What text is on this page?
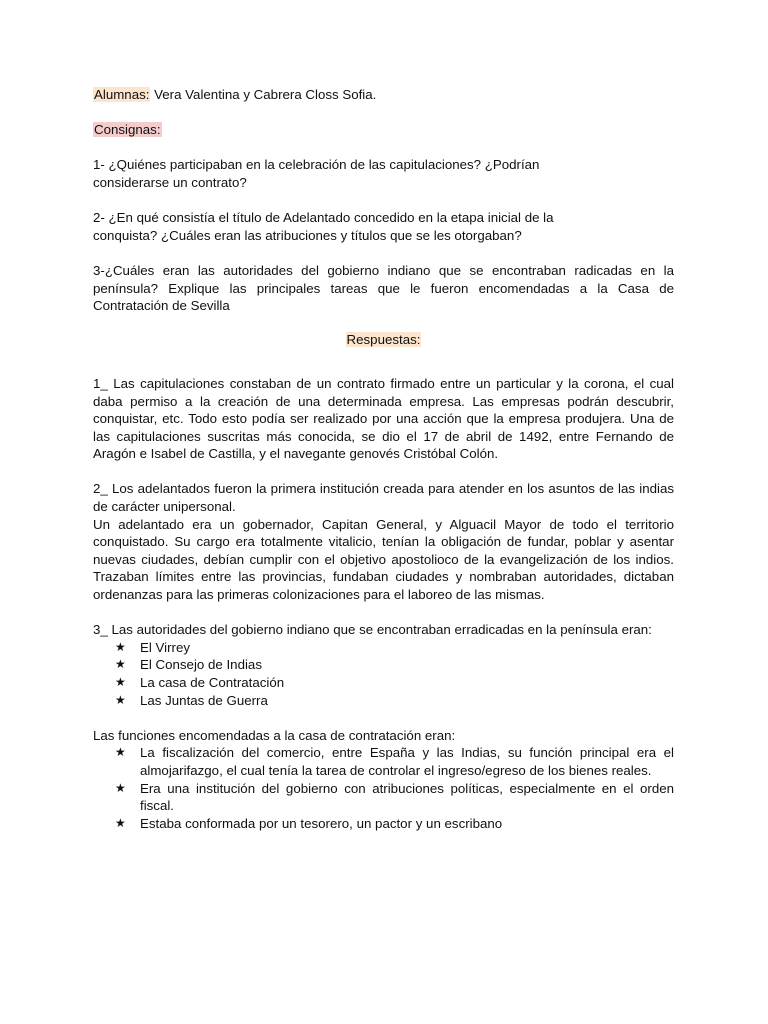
Alumnas: Vera Valentina y Cabrera Closs Sofia.

Consignas:

1- ¿Quiénes participaban en la celebración de las capitulaciones? ¿Podrían considerarse un contrato?

2- ¿En qué consistía el título de Adelantado concedido en la etapa inicial de la conquista? ¿Cuáles eran las atribuciones y títulos que se les otorgaban?

3-¿Cuáles eran las autoridades del gobierno indiano que se encontraban radicadas en la península? Explique las principales tareas que le fueron encomendadas a la Casa de Contratación de Sevilla

Respuestas:

1_ Las capitulaciones constaban de un contrato firmado entre un particular y la corona, el cual daba permiso a la creación de una determinada empresa. Las empresas podrán descubrir, conquistar, etc. Todo esto podía ser realizado por una acción que la empresa produjera. Una de las capitulaciones suscritas más conocida, se dio el 17 de abril de 1492, entre Fernando de Aragón e Isabel de Castilla, y el navegante genovés Cristóbal Colón.

2_ Los adelantados fueron la primera institución creada para atender en los asuntos de las indias de carácter unipersonal.

Un adelantado era un gobernador, Capitan General, y Alguacil Mayor de todo el territorio conquistado. Su cargo era totalmente vitalicio, tenían la obligación de fundar, poblar y asentar nuevas ciudades, debían cumplir con el objetivo apostolioco de la evangelización de los indios. Trazaban límites entre las provincias, fundaban ciudades y nombraban autoridades, dictaban ordenanzas para las primeras colonizaciones para el laboreo de las mismas.

3_ Las autoridades del gobierno indiano que se encontraban erradicadas en la península eran:

★ El Virrey
★ El Consejo de Indias
★ La casa de Contratación
★ Las Juntas de Guerra

Las funciones encomendadas a la casa de contratación eran:

★ La fiscalización del comercio, entre España y las Indias, su función principal era el almojarifazgo, el cual tenía la tarea de controlar el ingreso/egreso de los bienes reales.
★ Era una institución del gobierno con atribuciones políticas, especialmente en el orden fiscal.
★ Estaba conformada por un tesorero, un pactor y un escribano
